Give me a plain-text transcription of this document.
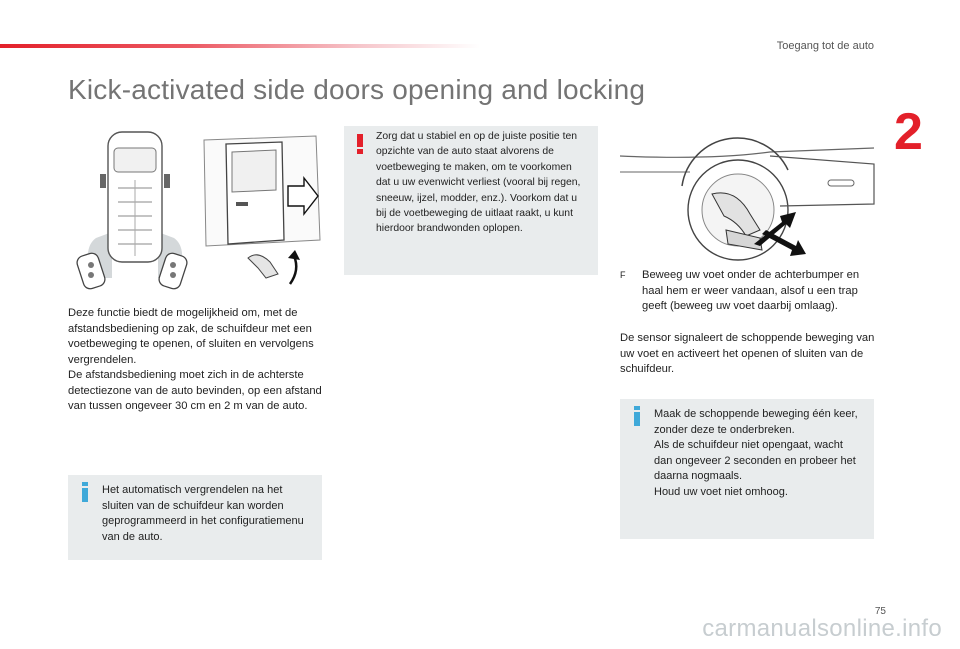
Toegang tot de auto
2
Kick-activated side doors opening and locking

Deze functie biedt de mogelijkheid om, met de afstandsbediening op zak, de schuifdeur met een voetbeweging te openen, of sluiten en vervolgens vergrendelen.

De afstandsbediening moet zich in de achterste detectiezone van de auto bevinden, op een afstand van tussen ongeveer 30 cm en 2 m van de auto.

Het automatisch vergrendelen na het sluiten van de schuifdeur kan worden geprogrammeerd in het configuratiemenu van de auto.

Zorg dat u stabiel en op de juiste positie ten opzichte van de auto staat alvorens de voetbeweging te maken, om te voorkomen dat u uw evenwicht verliest (vooral bij regen, sneeuw, ijzel, modder, enz.). Voorkom dat u bij de voetbeweging de uitlaat raakt, u kunt hierdoor brandwonden oplopen.

F Beweeg uw voet onder de achterbumper en haal hem er weer vandaan, alsof u een trap geeft (beweeg uw voet daarbij omlaag).

De sensor signaleert de schoppende beweging van uw voet en activeert het openen of sluiten van de schuifdeur.

Maak de schoppende beweging één keer, zonder deze te onderbreken.

Als de schuifdeur niet opengaat, wacht dan ongeveer 2 seconden en probeer het daarna nogmaals.

Houd uw voet niet omhoog.

75
carmanualsonline.info
